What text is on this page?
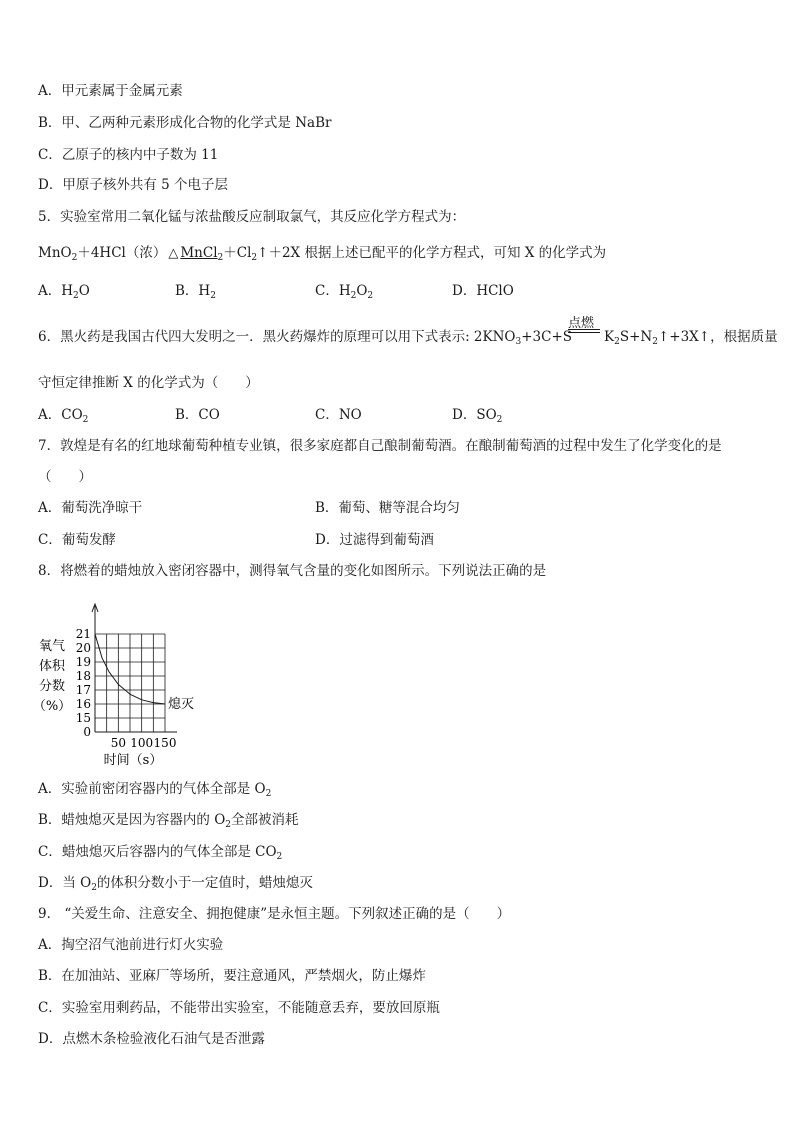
A．甲元素属于金属元素
B．甲、乙两种元素形成化合物的化学式是 NaBr
C．乙原子的核内中子数为 11
D．甲原子核外共有 5 个电子层
5．实验室常用二氧化锰与浓盐酸反应制取氯气，其反应化学方程式为：
MnO$_2$＋4HCl（浓） △ $MnCl_2+Cl_2↑+2X$ 根据上述已配平的化学方程式，可知 X 的化学式为
A．$H_2O$	B．$H_2$	C．$H_2O_2$	D．HClO
点燃
6．黑火药是我国古代四大发明之一．黑火药爆炸的原理可以用下式表示: $2KNO_3+3C+S$ $K_2S+N_2↑+3X↑$，根据质量
守恒定律推断 X 的化学式为（　　）
A．$CO_2$	B．CO	C．NO	D．$SO_2$
7．敦煌是有名的红地球葡萄种植专业镇，很多家庭都自己酿制葡萄酒。在酿制葡萄酒的过程中发生了化学变化的是
（　　）
A．葡萄洗净晾干	B．葡萄、糖等混合均匀
C．葡萄发酵	D．过滤得到葡萄酒
8．将燃着的蜡烛放入密闭容器中，测得氧气含量的变化如图所示。下列说法正确的是
氧气
体积
分数
（%）
0
15
16
17
18
19
20
21
50 100 150
熄灭
时间（s）
A．实验前密闭容器内的气体全部是 $O_2$
B．蜡烛熄灭是因为容器内的 $O_2$全部被消耗
C．蜡烛熄灭后容器内的气体全部是 $CO_2$
D．当 $O_2$的体积分数小于一定值时，蜡烛熄灭
9． “关爱生命、注意安全、拥抱健康”是永恒主题。下列叙述正确的是（　　）
A．掏空沼气池前进行灯火实验
B．在加油站、亚麻厂等场所，要注意通风，严禁烟火，防止爆炸
C．实验室用剩药品，不能带出实验室，不能随意丢弃，要放回原瓶
D．点燃木条检验液化石油气是否泄露
